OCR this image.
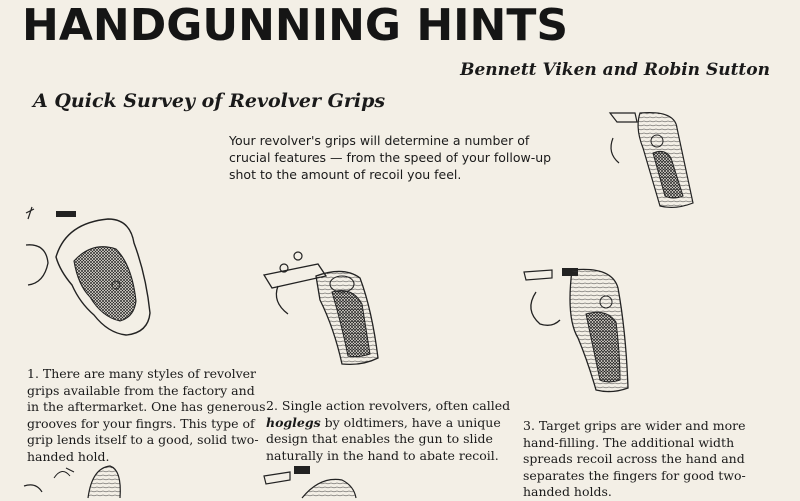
HANDGUNNING HINTS
Bennett Viken and Robin Sutton
A Quick Survey of Revolver Grips
Your revolver's grips will determine a number of crucial features — from the speed of your follow-up shot to the amount of recoil you feel.
1. There are many styles of revolver grips available from the factory and in the aftermarket. One has generous grooves for your fingrs. This type of grip lends itself to a good, solid two-handed hold.
2. Single action revolvers, often called hoglegs by oldtimers, have a unique design that enables the gun to slide naturally in the hand to abate recoil.
3. Target grips are wider and more hand-filling. The additional width spreads recoil across the hand and separates the fingers for good two-handed holds.
